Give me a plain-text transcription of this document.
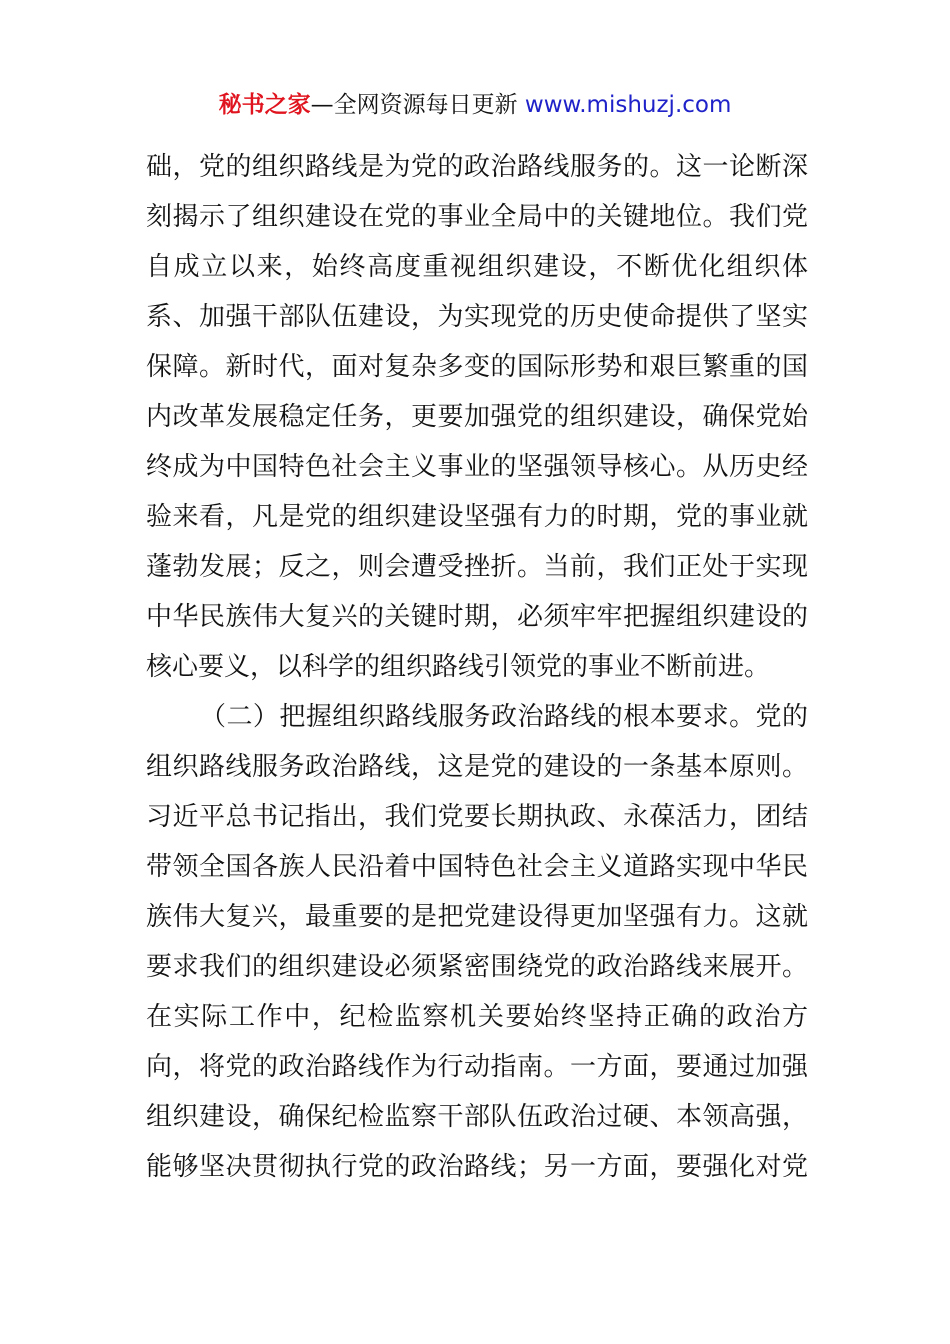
秘书之家—全网资源每日更新 www.mishuzj.com
础，党的组织路线是为党的政治路线服务的。这一论断深
刻揭示了组织建设在党的事业全局中的关键地位。我们党
自成立以来，始终高度重视组织建设，不断优化组织体
系、加强干部队伍建设，为实现党的历史使命提供了坚实
保障。新时代，面对复杂多变的国际形势和艰巨繁重的国
内改革发展稳定任务，更要加强党的组织建设，确保党始
终成为中国特色社会主义事业的坚强领导核心。从历史经
验来看，凡是党的组织建设坚强有力的时期，党的事业就
蓬勃发展；反之，则会遭受挫折。当前，我们正处于实现
中华民族伟大复兴的关键时期，必须牢牢把握组织建设的
核心要义，以科学的组织路线引领党的事业不断前进。
（二）把握组织路线服务政治路线的根本要求。党的
组织路线服务政治路线，这是党的建设的一条基本原则。
习近平总书记指出，我们党要长期执政、永葆活力，团结
带领全国各族人民沿着中国特色社会主义道路实现中华民
族伟大复兴，最重要的是把党建设得更加坚强有力。这就
要求我们的组织建设必须紧密围绕党的政治路线来展开。
在实际工作中，纪检监察机关要始终坚持正确的政治方
向，将党的政治路线作为行动指南。一方面，要通过加强
组织建设，确保纪检监察干部队伍政治过硬、本领高强，
能够坚决贯彻执行党的政治路线；另一方面，要强化对党
